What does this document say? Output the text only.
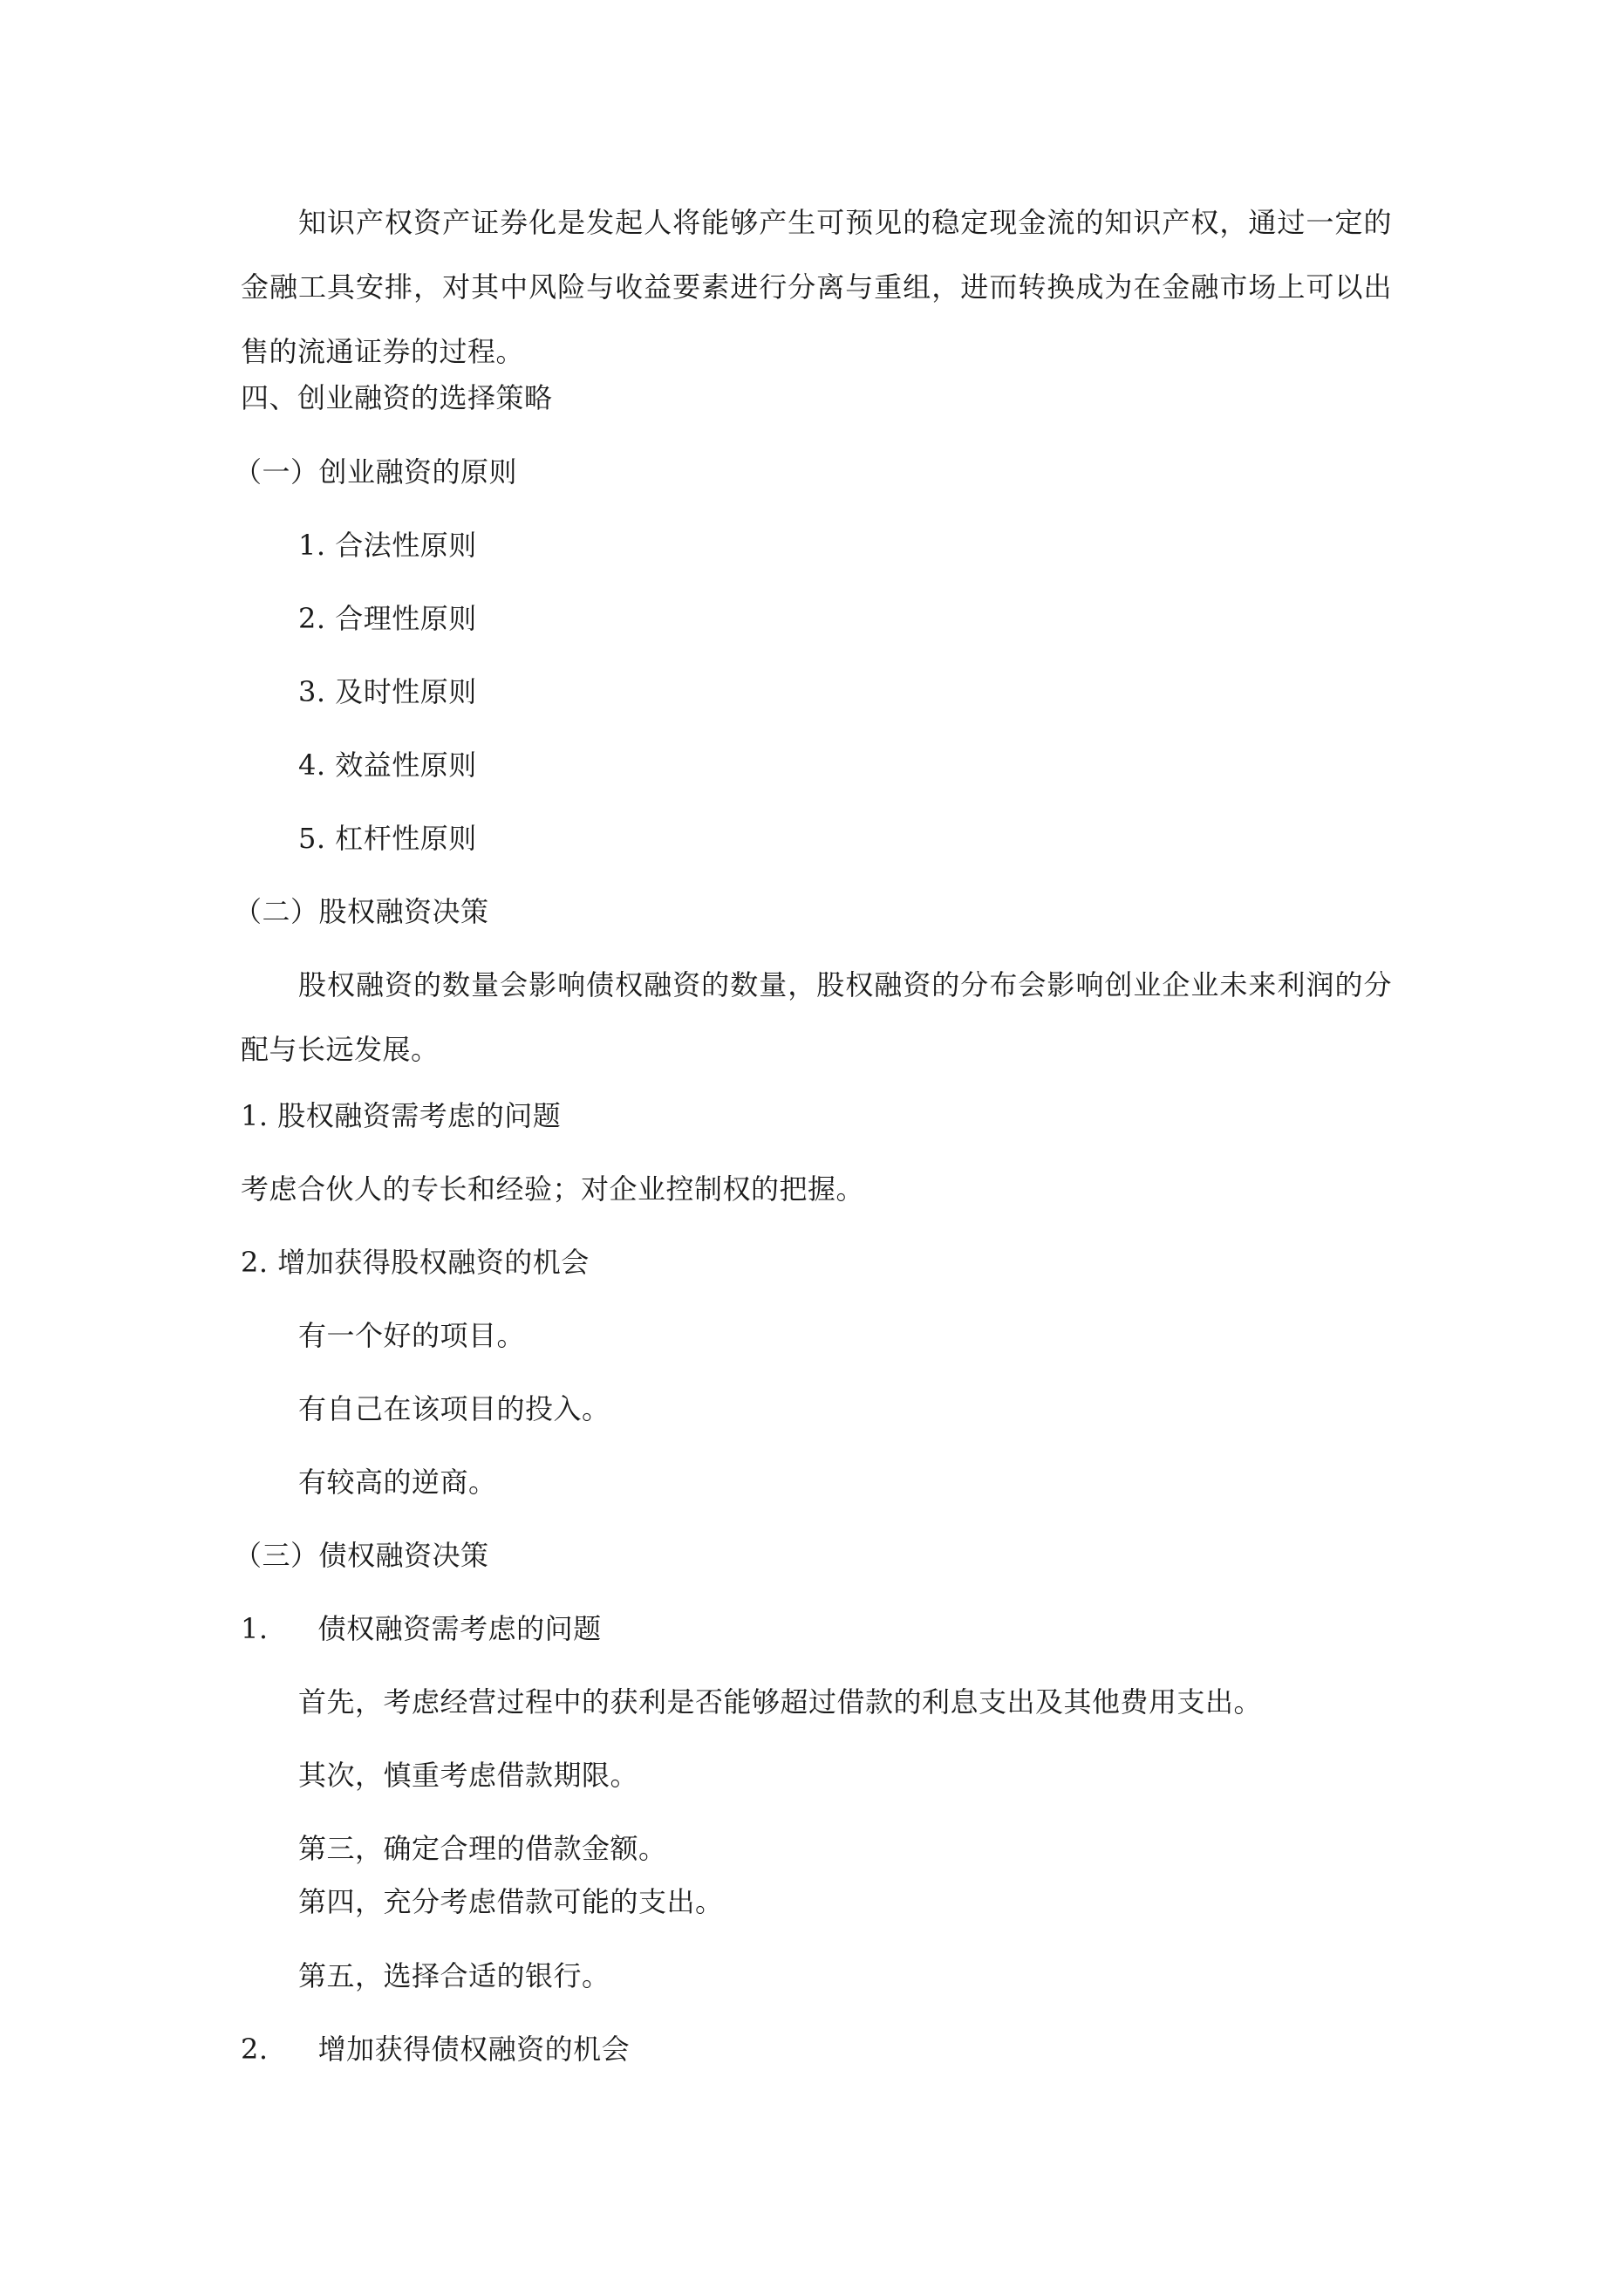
知识产权资产证券化是发起人将能够产生可预见的稳定现金流的知识产权，通过一定的金融工具安排，对其中风险与收益要素进行分离与重组，进而转换成为在金融市场上可以出售的流通证券的过程。
四、创业融资的选择策略
（一）创业融资的原则
1. 合法性原则
2. 合理性原则
3. 及时性原则
4. 效益性原则
5. 杠杆性原则
（二）股权融资决策
股权融资的数量会影响债权融资的数量，股权融资的分布会影响创业企业未来利润的分配与长远发展。
1. 股权融资需考虑的问题
考虑合伙人的专长和经验；对企业控制权的把握。
2. 增加获得股权融资的机会
有一个好的项目。
有自己在该项目的投入。
有较高的逆商。
（三）债权融资决策
1. 债权融资需考虑的问题
首先，考虑经营过程中的获利是否能够超过借款的利息支出及其他费用支出。
其次，慎重考虑借款期限。
第三，确定合理的借款金额。
第四，充分考虑借款可能的支出。
第五，选择合适的银行。
2. 增加获得债权融资的机会
